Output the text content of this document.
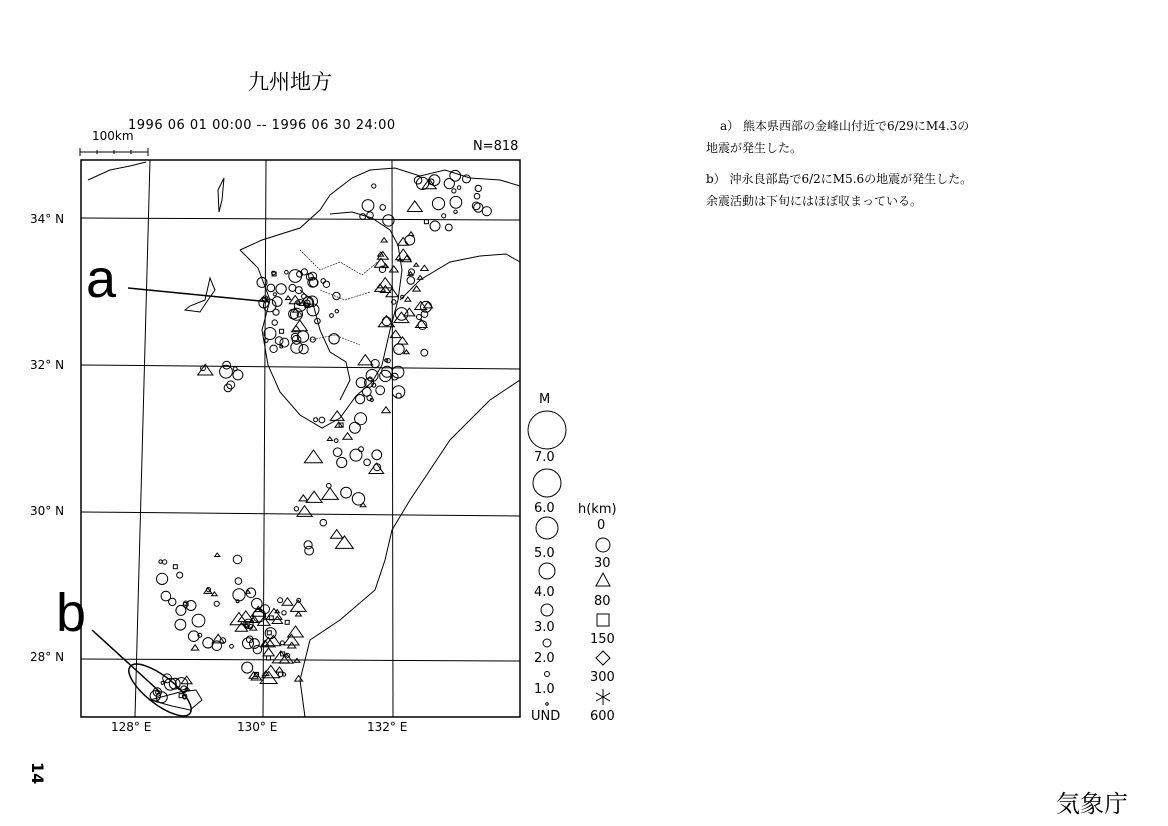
九州地方
1996 06 01 00:00 -- 1996 06 30 24:00
N=818
100km
34° N
32° N
30° N
28° N
128° E	130° E	132° E
a
b
M
7.0
6.0
5.0
4.0
3.0
2.0
1.0
UND
h(km)
0
30
80
150
300
600
a） 熊本県西部の金峰山付近で6/29にM4.3の
地震が発生した。
b） 沖永良部島で6/2にM5.6の地震が発生した。
余震活動は下旬にはほぼ収まっている。
14
気象庁
